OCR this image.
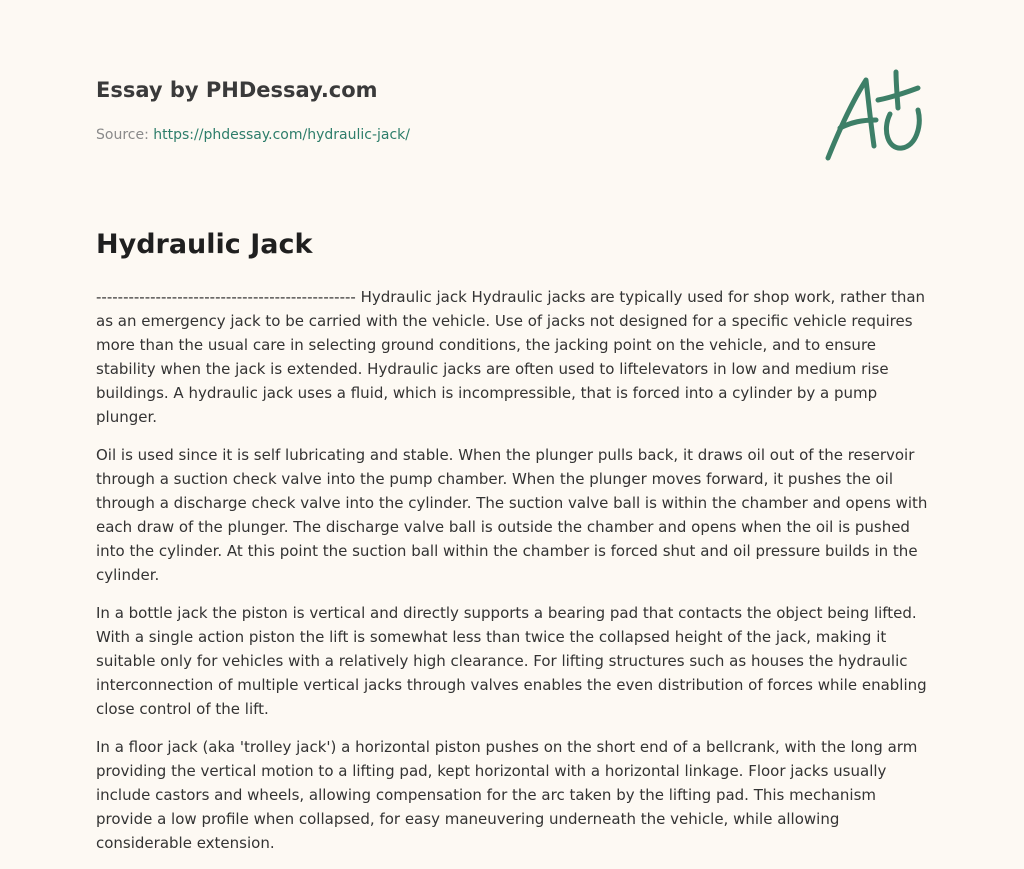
Essay by PHDessay.com
Source: https://phdessay.com/hydraulic-jack/
Hydraulic Jack

------------------------------------------------ Hydraulic jack Hydraulic jacks are typically used for shop work, rather than as an emergency jack to be carried with the vehicle. Use of jacks not designed for a specific vehicle requires more than the usual care in selecting ground conditions, the jacking point on the vehicle, and to ensure stability when the jack is extended. Hydraulic jacks are often used to liftelevators in low and medium rise buildings. A hydraulic jack uses a fluid, which is incompressible, that is forced into a cylinder by a pump plunger.

Oil is used since it is self lubricating and stable. When the plunger pulls back, it draws oil out of the reservoir through a suction check valve into the pump chamber. When the plunger moves forward, it pushes the oil through a discharge check valve into the cylinder. The suction valve ball is within the chamber and opens with each draw of the plunger. The discharge valve ball is outside the chamber and opens when the oil is pushed into the cylinder. At this point the suction ball within the chamber is forced shut and oil pressure builds in the cylinder.

In a bottle jack the piston is vertical and directly supports a bearing pad that contacts the object being lifted. With a single action piston the lift is somewhat less than twice the collapsed height of the jack, making it suitable only for vehicles with a relatively high clearance. For lifting structures such as houses the hydraulic interconnection of multiple vertical jacks through valves enables the even distribution of forces while enabling close control of the lift.

In a floor jack (aka 'trolley jack') a horizontal piston pushes on the short end of a bellcrank, with the long arm providing the vertical motion to a lifting pad, kept horizontal with a horizontal linkage. Floor jacks usually include castors and wheels, allowing compensation for the arc taken by the lifting pad. This mechanism provide a low profile when collapsed, for easy maneuvering underneath the vehicle, while allowing considerable extension.
